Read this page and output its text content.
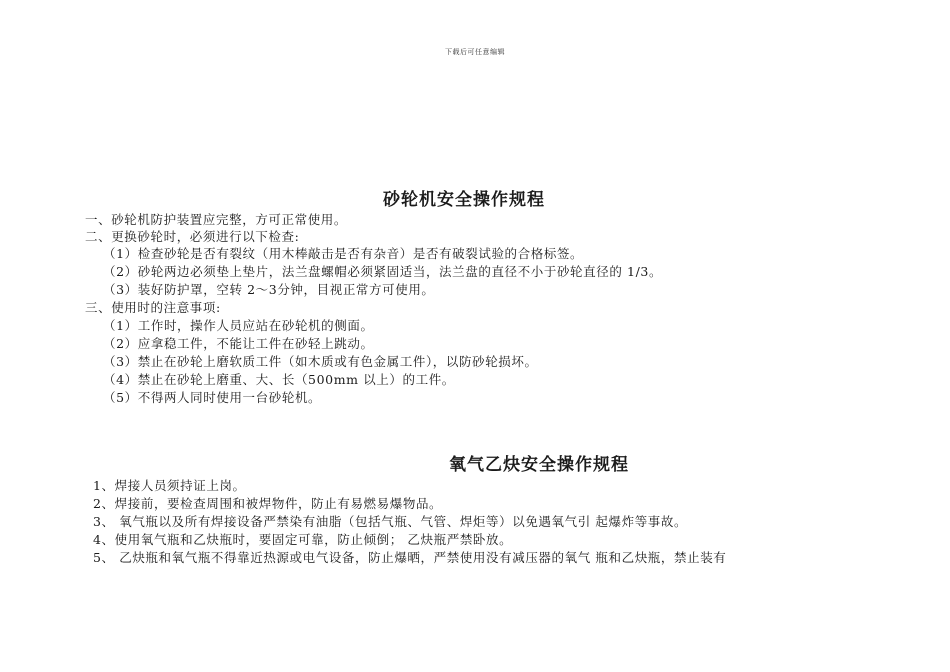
下载后可任意编辑
砂轮机安全操作规程
一、砂轮机防护装置应完整，方可正常使用。
二、更换砂轮时，必须进行以下检查:
（1）检查砂轮是否有裂纹（用木棒敲击是否有杂音）是否有破裂试验的合格标签。
（2）砂轮两边必须垫上垫片，法兰盘螺帽必须紧固适当，法兰盘的直径不小于砂轮直径的 1/3。
（3）装好防护罩，空转 2〜3分钟，目视正常方可使用。
三、使用时的注意事项:
（1）工作时，操作人员应站在砂轮机的侧面。
（2）应拿稳工件，不能让工件在砂轻上跳动。
（3）禁止在砂轮上磨软质工件（如木质或有色金属工件），以防砂轮损坏。
（4）禁止在砂轮上磨重、大、长（500mm 以上）的工件。
（5）不得两人同时使用一台砂轮机。
氧气乙炔安全操作规程
1、焊接人员须持证上岗。
2、焊接前，要检查周围和被焊物件，防止有易燃易爆物品。
3、 氧气瓶以及所有焊接设备严禁染有油脂（包括气瓶、气管、焊炬等）以免遇氧气引 起爆炸等事故。
4、使用氧气瓶和乙炔瓶时，要固定可靠，防止倾倒； 乙炔瓶严禁卧放。
5、 乙炔瓶和氧气瓶不得靠近热源或电气设备，防止爆晒，严禁使用没有减压器的氧气 瓶和乙炔瓶，禁止装有
